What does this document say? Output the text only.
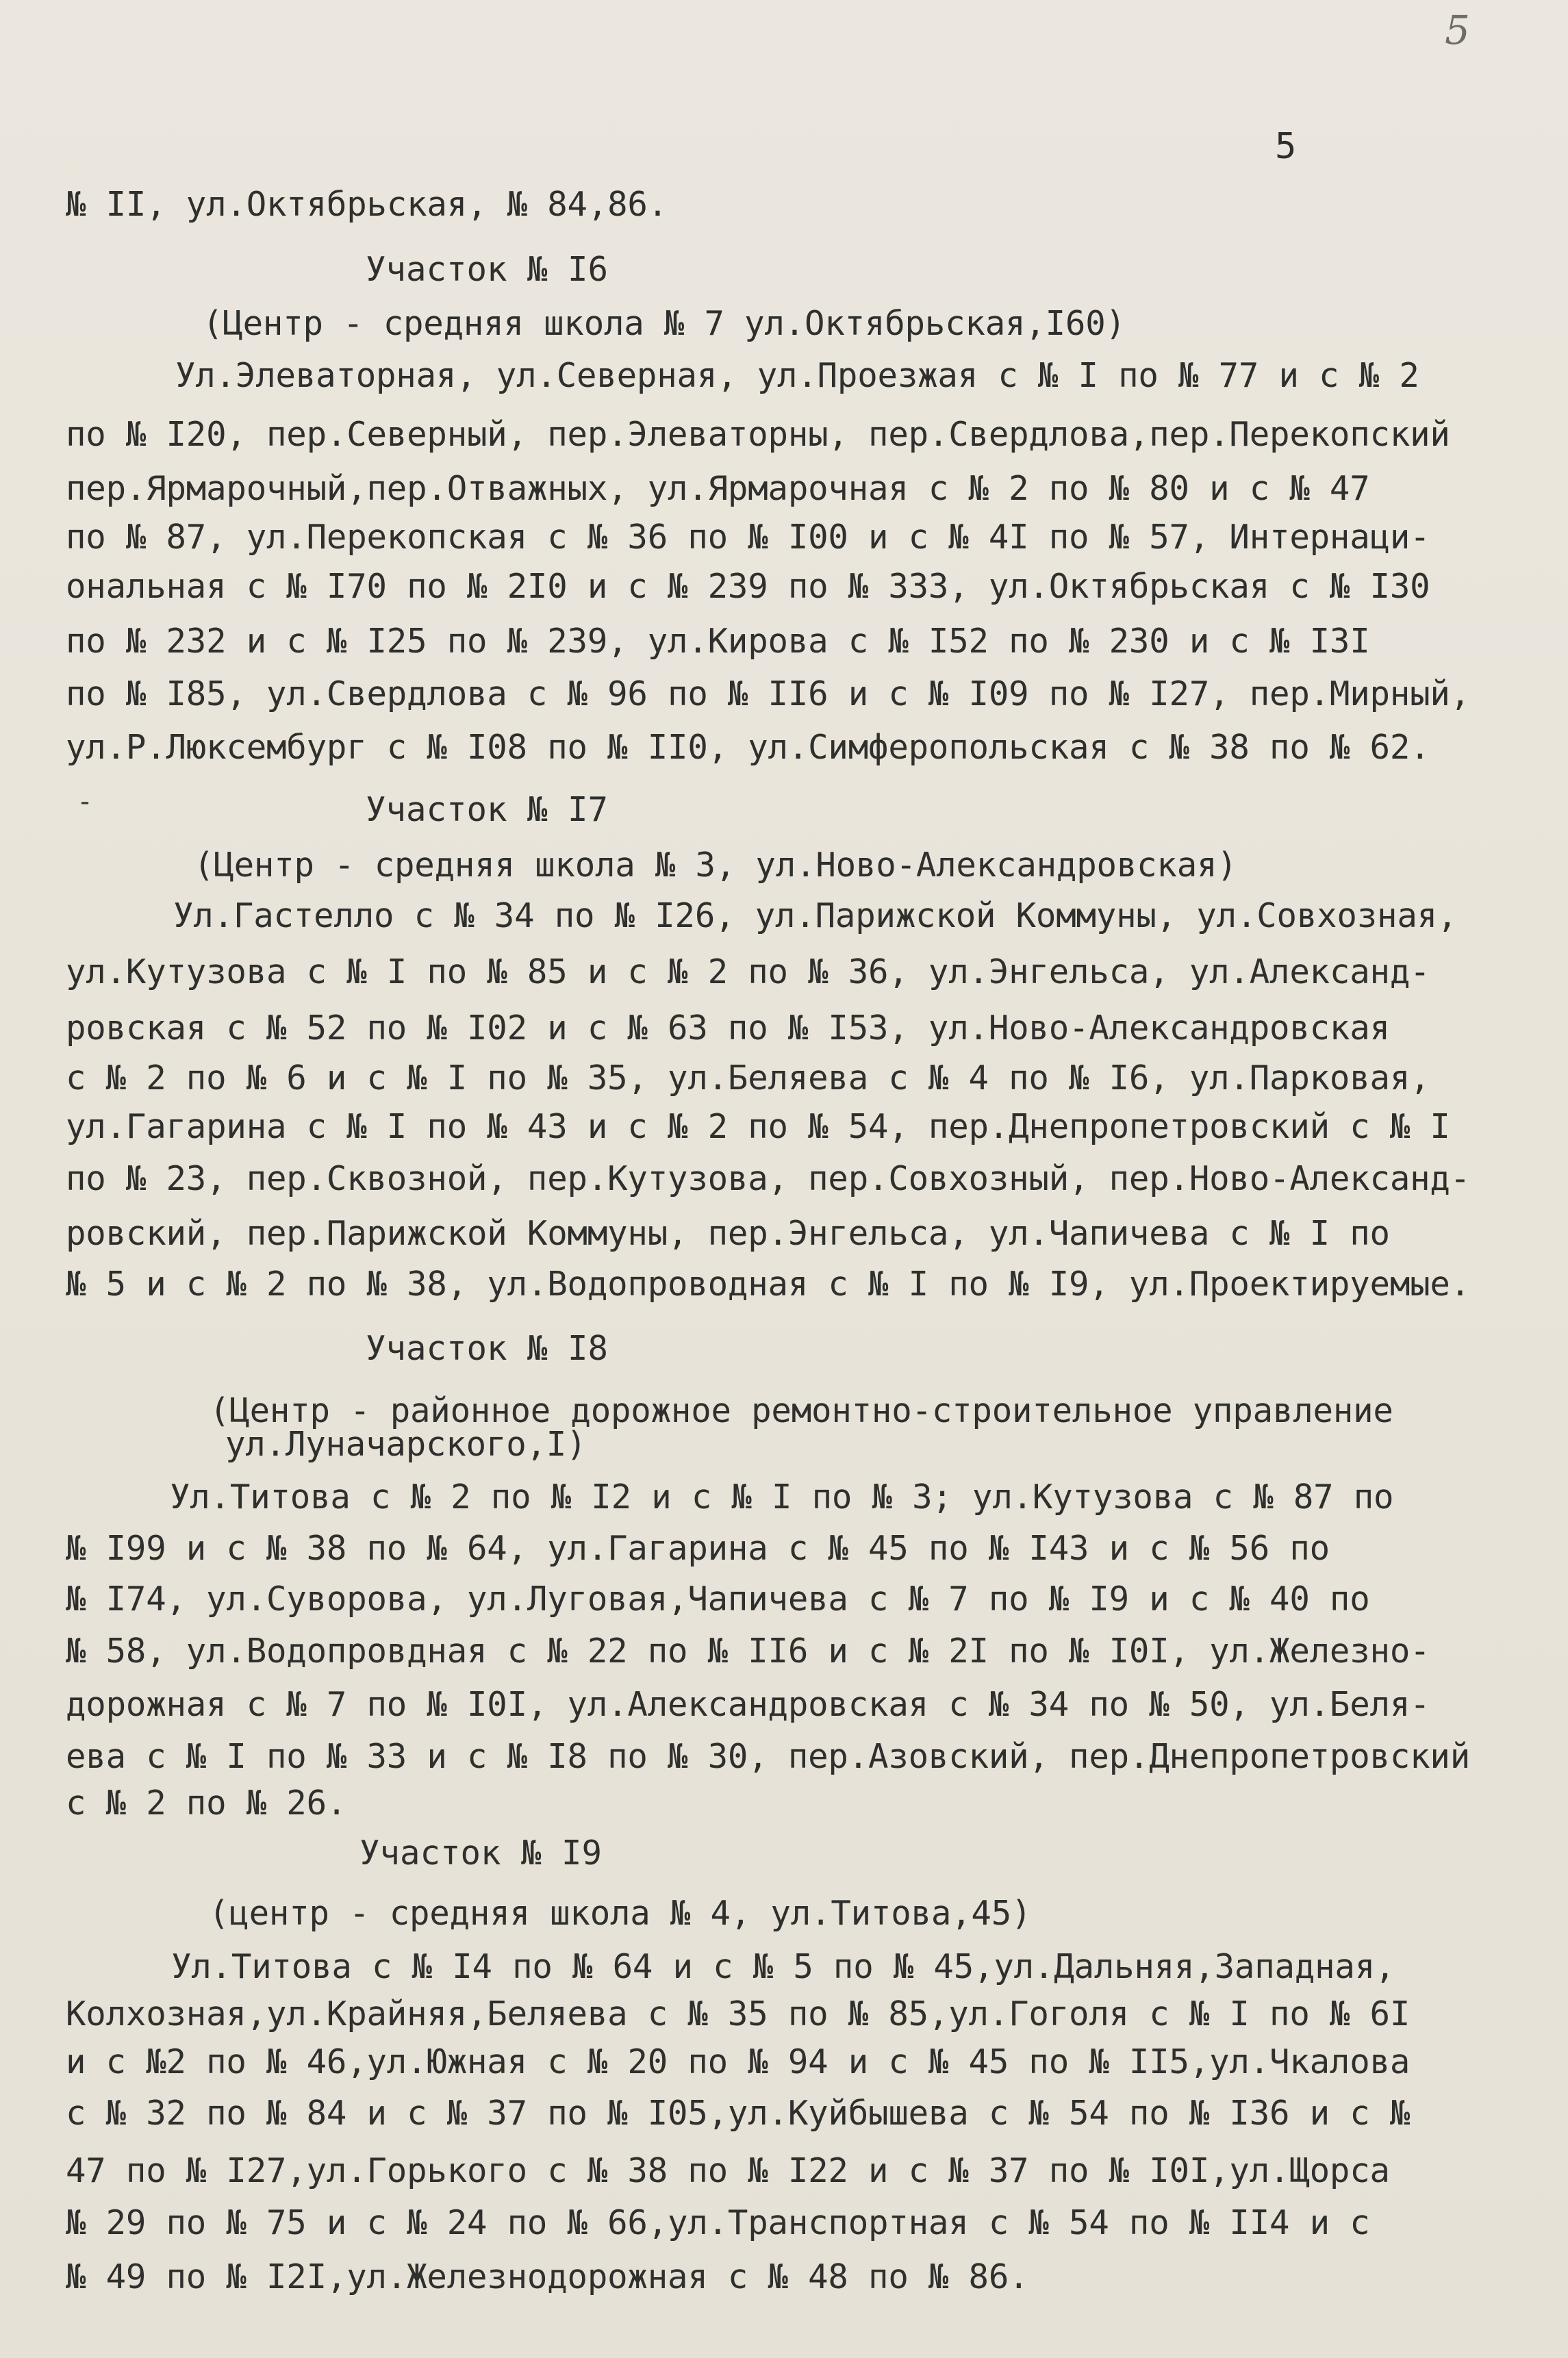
5
5
-
№ II, ул.Октябрьская, № 84,86.
Участок № I6
(Центр - средняя школа № 7 ул.Октябрьская,I60)
Ул.Элеваторная, ул.Северная, ул.Проезжая с № I по № 77 и с № 2
по № I20, пер.Северный, пер.Элеваторны, пер.Свердлова,пер.Перекопский
пер.Ярмарочный,пер.Отважных, ул.Ярмарочная с № 2 по № 80 и с № 47
по № 87, ул.Перекопская с № 36 по № I00 и с № 4I по № 57, Интернаци-
ональная с № I70 по № 2I0 и с № 239 по № 333, ул.Октябрьская с № I30
по № 232 и с № I25 по № 239, ул.Кирова с № I52 по № 230 и с № I3I
по № I85, ул.Свердлова с № 96 по № II6 и с № I09 по № I27, пер.Мирный,
ул.Р.Люксембург с № I08 по № II0, ул.Симферопольская с № 38 по № 62.
Участок № I7
(Центр - средняя школа № 3, ул.Ново-Александровская)
Ул.Гастелло с № 34 по № I26, ул.Парижской Коммуны, ул.Совхозная,
ул.Кутузова с № I по № 85 и с № 2 по № 36, ул.Энгельса, ул.Александ-
ровская с № 52 по № I02 и с № 63 по № I53, ул.Ново-Александровская
с № 2 по № 6 и с № I по № 35, ул.Беляева с № 4 по № I6, ул.Парковая,
ул.Гагарина с № I по № 43 и с № 2 по № 54, пер.Днепропетровский с № I
по № 23, пер.Сквозной, пер.Кутузова, пер.Совхозный, пер.Ново-Александ-
ровский, пер.Парижской Коммуны, пер.Энгельса, ул.Чапичева с № I по
№ 5 и с № 2 по № 38, ул.Водопроводная с № I по № I9, ул.Проектируемые.
Участок № I8
(Центр - районное дорожное ремонтно-строительное управление
ул.Луначарского,I)
Ул.Титова с № 2 по № I2 и с № I по № 3; ул.Кутузова с № 87 по
№ I99 и с № 38 по № 64, ул.Гагарина с № 45 по № I43 и с № 56 по
№ I74, ул.Суворова, ул.Луговая,Чапичева с № 7 по № I9 и с № 40 по
№ 58, ул.Водопровдная с № 22 по № II6 и с № 2I по № I0I, ул.Железно-
дорожная с № 7 по № I0I, ул.Александровская с № 34 по № 50, ул.Беля-
ева с № I по № 33 и с № I8 по № 30, пер.Азовский, пер.Днепропетровский
с № 2 по № 26.
Участок № I9
(центр - средняя школа № 4, ул.Титова,45)
Ул.Титова с № I4 по № 64 и с № 5 по № 45,ул.Дальняя,Западная,
Колхозная,ул.Крайняя,Беляева с № 35 по № 85,ул.Гоголя с № I по № 6I
и с №2 по № 46,ул.Южная с № 20 по № 94 и с № 45 по № II5,ул.Чкалова
с № 32 по № 84 и с № 37 по № I05,ул.Куйбышева с № 54 по № I36 и с №
47 по № I27,ул.Горького с № 38 по № I22 и с № 37 по № I0I,ул.Щорса
№ 29 по № 75 и с № 24 по № 66,ул.Транспортная с № 54 по № II4 и с
№ 49 по № I2I,ул.Железнодорожная с № 48 по № 86.
